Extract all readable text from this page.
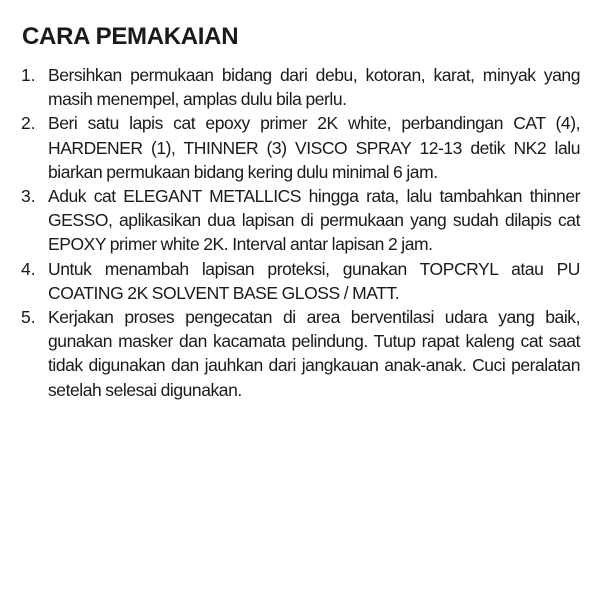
CARA PEMAKAIAN
1. Bersihkan permukaan bidang dari debu, kotoran, karat, minyak yang masih menempel, amplas dulu bila perlu.
2. Beri satu lapis cat epoxy primer 2K white, perbandingan CAT (4), HARDENER (1), THINNER (3) VISCO SPRAY 12-13 detik NK2 lalu biarkan permukaan bidang kering dulu minimal 6 jam.
3. Aduk cat ELEGANT METALLICS hingga rata, lalu tambahkan thinner GESSO, aplikasikan dua lapisan di permukaan yang sudah dilapis cat EPOXY primer white 2K. Interval antar lapisan 2 jam.
4. Untuk menambah lapisan proteksi, gunakan TOPCRYL atau PU COATING 2K SOLVENT BASE GLOSS / MATT.
5. Kerjakan proses pengecatan di area berventilasi udara yang baik, gunakan masker dan kacamata pelindung. Tutup rapat kaleng cat saat tidak digunakan dan jauhkan dari jangkauan anak-anak. Cuci peralatan setelah selesai digunakan.
